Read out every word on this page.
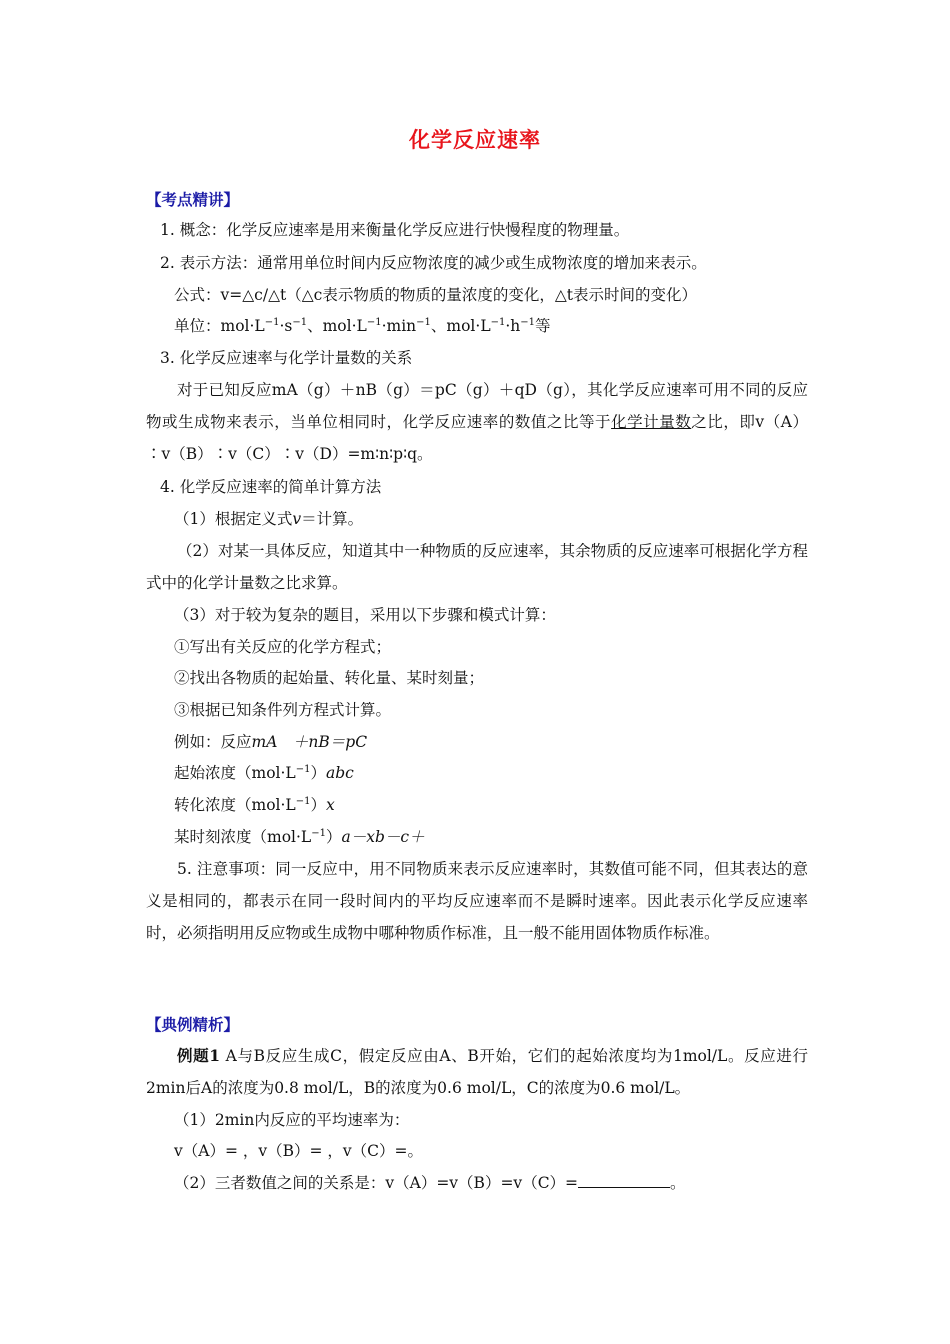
化学反应速率
【考点精讲】
1. 概念：化学反应速率是用来衡量化学反应进行快慢程度的物理量。
2. 表示方法：通常用单位时间内反应物浓度的减少或生成物浓度的增加来表示。
公式：v=△c/△t（△c表示物质的物质的量浓度的变化，△t表示时间的变化）
单位：$mol\cdot L^{-1}\cdot s^{-1}$、$mol\cdot L^{-1}\cdot\min^{-1}$、$mol\cdot L^{-1}\cdot h^{-1}$等
3. 化学反应速率与化学计量数的关系

对于已知反应mA（g）＋nB（g）＝pC（g）＋qD（g），其化学反应速率可用不同的反应物或生成物来表示，当单位相同时，化学反应速率的数值之比等于化学计量数之比，即v（A）∶v（B）∶v（C）∶v（D）=m∶n∶p∶q。

4. 化学反应速率的简单计算方法
（1）根据定义式v＝计算。

（2）对某一具体反应，知道其中一种物质的反应速率，其余物质的反应速率可根据化学方程式中的化学计量数之比求算。

（3）对于较为复杂的题目，采用以下步骤和模式计算：
①写出有关反应的化学方程式；
②找出各物质的起始量、转化量、某时刻量；
③根据已知条件列方程式计算。
例如：反应mA　＋nB＝pC
起始浓度$(mol\cdot L^{-1})abc$
转化浓度$(mol\cdot L^{-1})x$
某时刻浓度$(mol\cdot L^{-1})a-xb-c+$

5. 注意事项：同一反应中，用不同物质来表示反应速率时，其数值可能不同，但其表达的意义是相同的，都表示在同一段时间内的平均反应速率而不是瞬时速率。因此表示化学反应速率时，必须指明用反应物或生成物中哪种物质作标准，且一般不能用固体物质作标准。

【典例精析】

例题1 A与B反应生成C，假定反应由A、B开始，它们的起始浓度均为1mol/L。反应进行2min后A的浓度为0.8 mol/L，B的浓度为0.6 mol/L，C的浓度为0.6 mol/L。

（1）2min内反应的平均速率为：
v（A）= ，v（B）= ，v（C）=。
（2）三者数值之间的关系是：v（A）=v（B）=v（C）=	。
